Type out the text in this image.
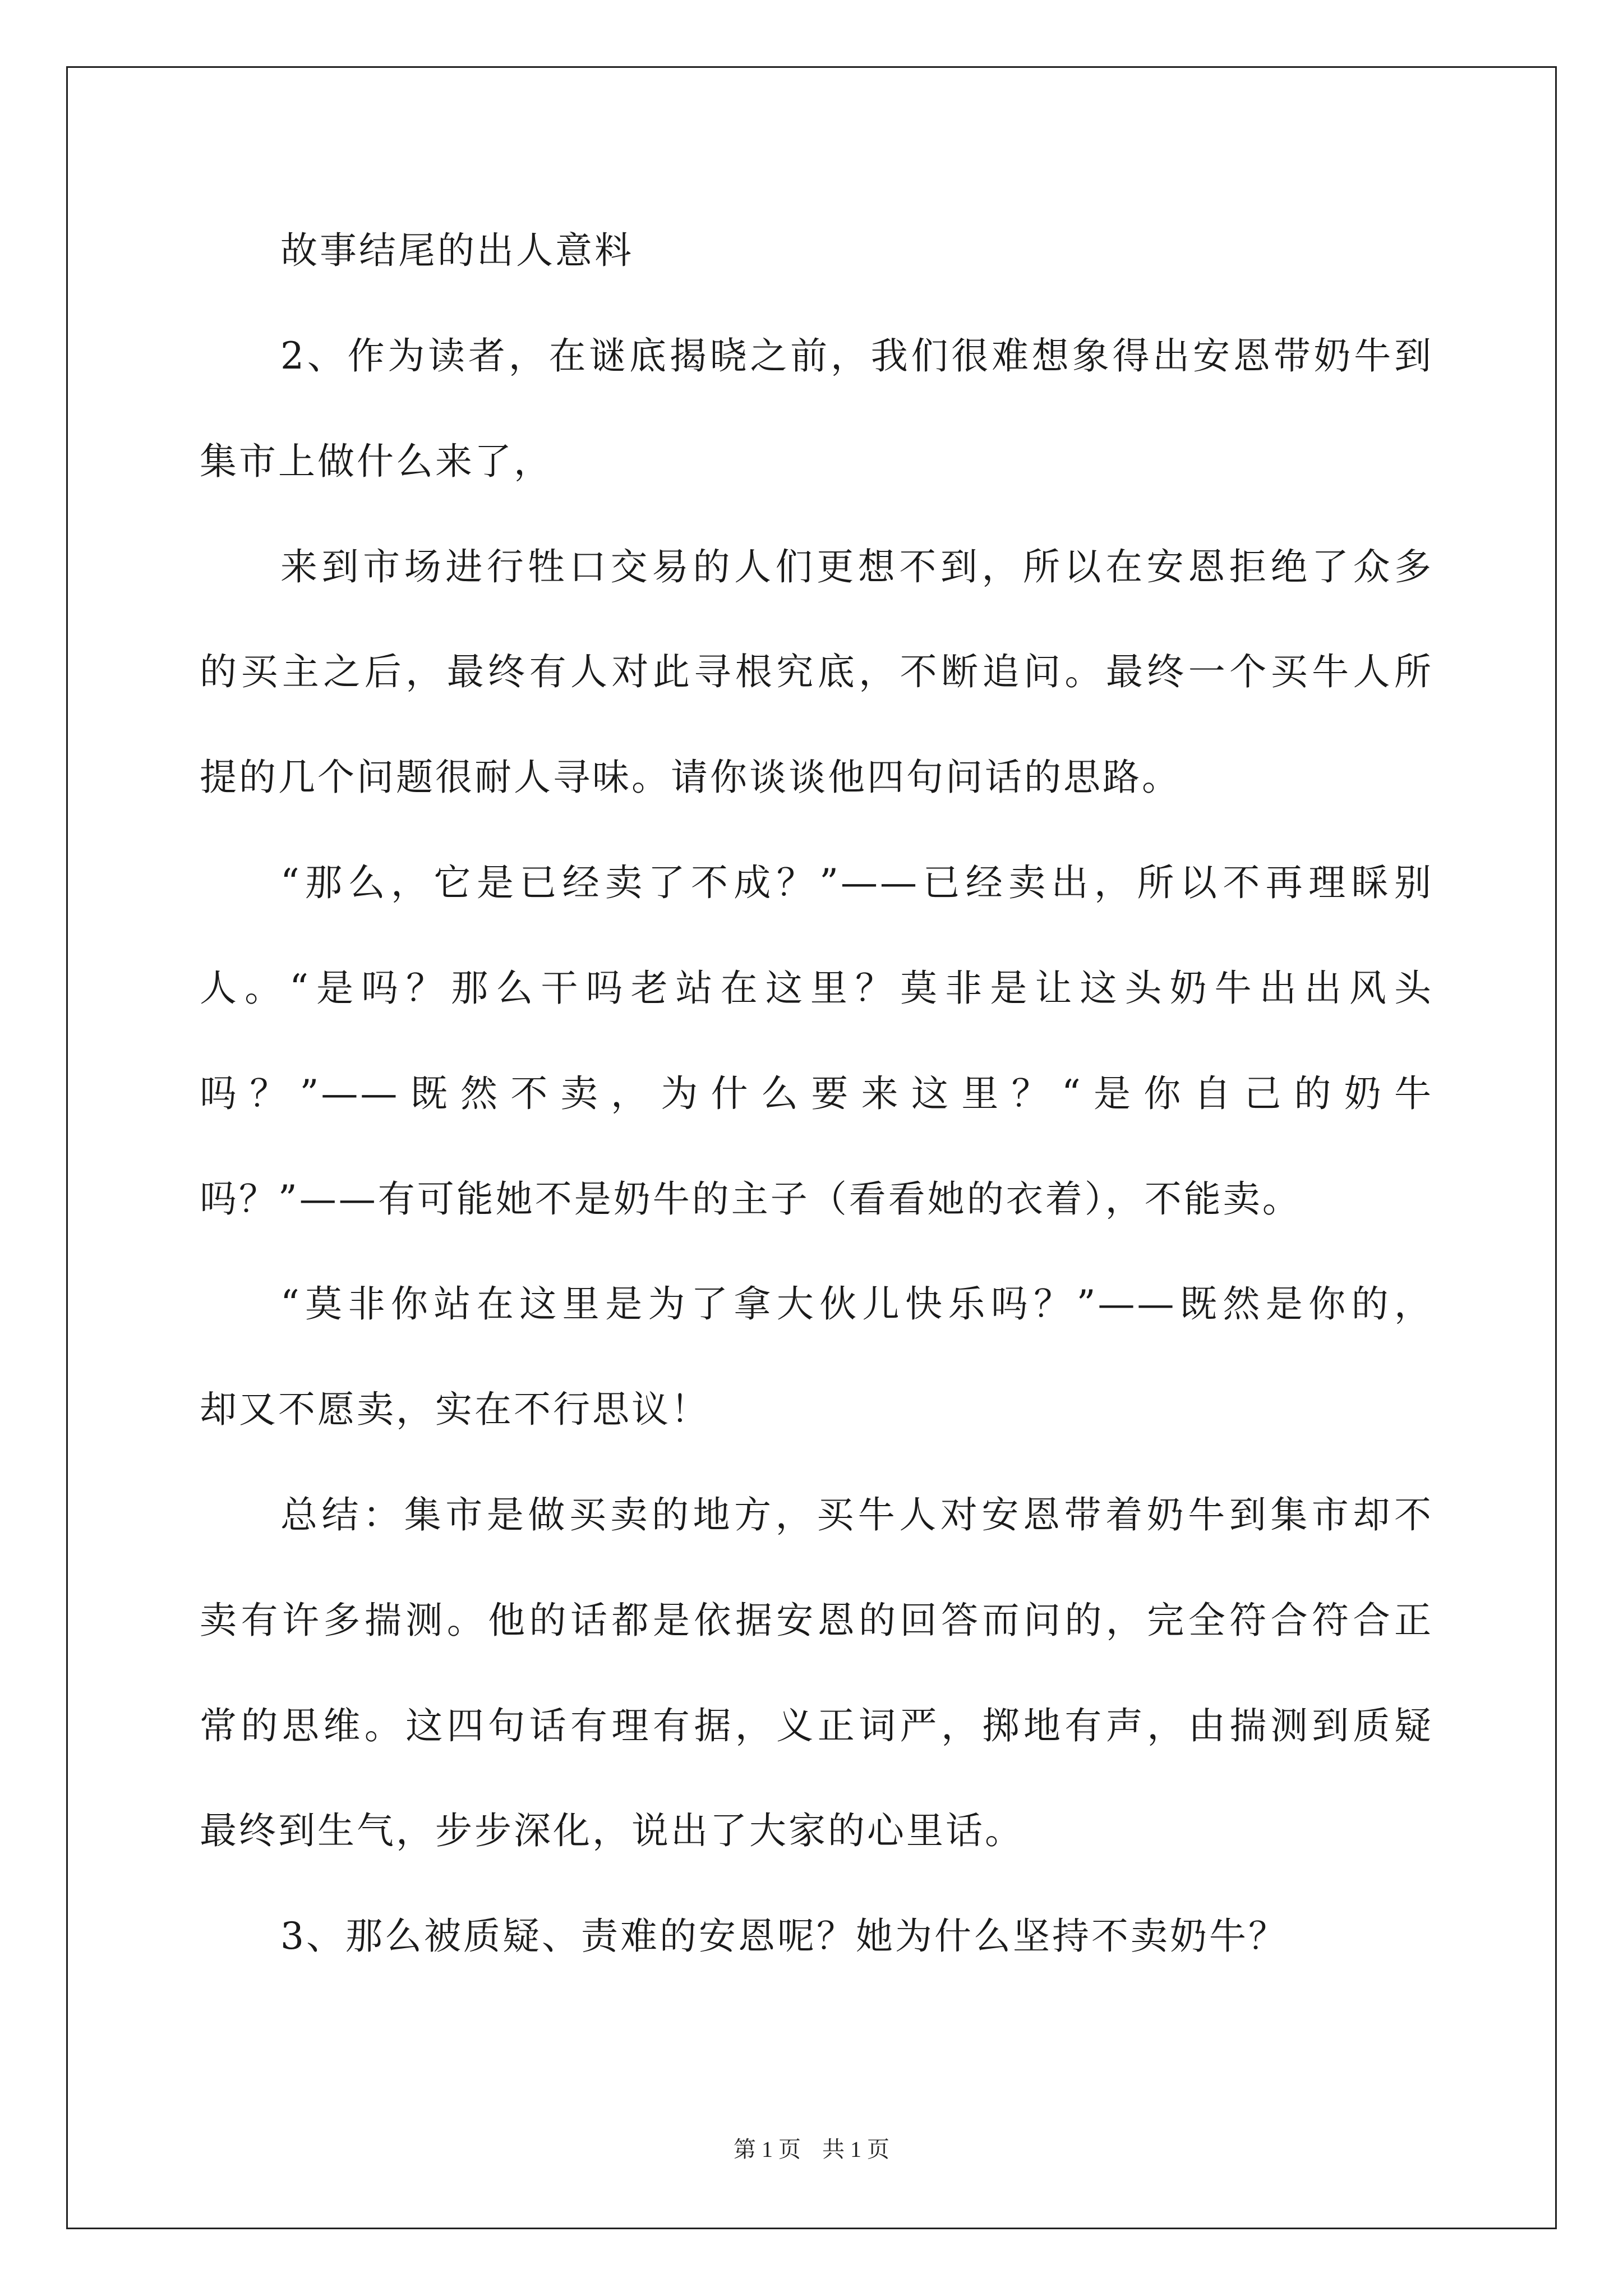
故事结尾的出人意料
2、作为读者，在谜底揭晓之前，我们很难想象得出安恩带奶牛到
集市上做什么来了，
来到市场进行牲口交易的人们更想不到，所以在安恩拒绝了众多
的买主之后，最终有人对此寻根究底，不断追问。最终一个买牛人所
提的几个问题很耐人寻味。请你谈谈他四句问话的思路。
“那么，它是已经卖了不成？”——已经卖出，所以不再理睬别
人。“是吗？那么干吗老站在这里？莫非是让这头奶牛出出风头
吗？”——既然不卖，为什么要来这里？“是你自己的奶牛
吗？”——有可能她不是奶牛的主子（看看她的衣着），不能卖。
“莫非你站在这里是为了拿大伙儿快乐吗？”——既然是你的，
却又不愿卖，实在不行思议！
总结：集市是做买卖的地方，买牛人对安恩带着奶牛到集市却不
卖有许多揣测。他的话都是依据安恩的回答而问的，完全符合符合正
常的思维。这四句话有理有据，义正词严，掷地有声，由揣测到质疑
最终到生气，步步深化，说出了大家的心里话。
3、那么被质疑、责难的安恩呢？她为什么坚持不卖奶牛？
第 1 页 共 1 页
